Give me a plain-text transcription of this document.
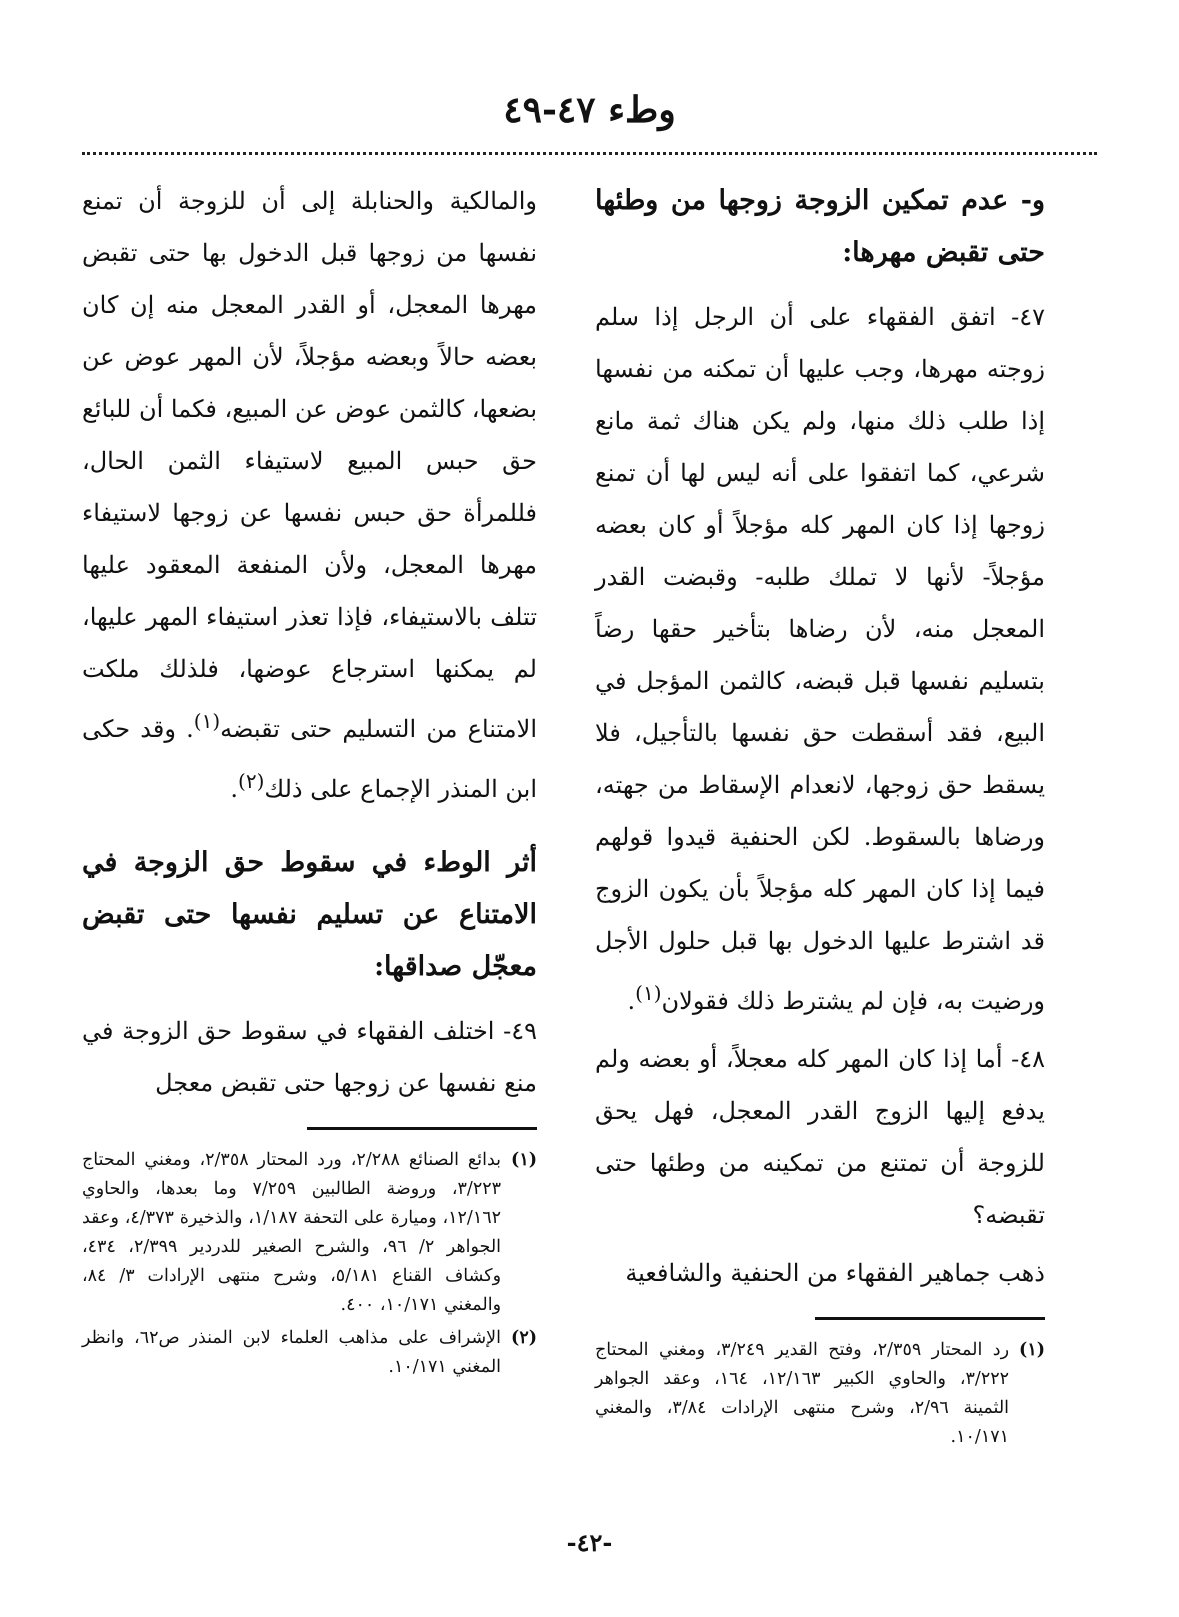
وطء ٤٧-٤٩

و- عدم تمكين الزوجة زوجها من وطئها حتى تقبض مهرها:

٤٧- اتفق الفقهاء على أن الرجل إذا سلم زوجته مهرها، وجب عليها أن تمكنه من نفسها إذا طلب ذلك منها، ولم يكن هناك ثمة مانع شرعي، كما اتفقوا على أنه ليس لها أن تمنع زوجها إذا كان المهر كله مؤجلاً أو كان بعضه مؤجلاً- لأنها لا تملك طلبه- وقبضت القدر المعجل منه، لأن رضاها بتأخير حقها رضاً بتسليم نفسها قبل قبضه، كالثمن المؤجل في البيع، فقد أسقطت حق نفسها بالتأجيل، فلا يسقط حق زوجها، لانعدام الإسقاط من جهته، ورضاها بالسقوط. لكن الحنفية قيدوا قولهم فيما إذا كان المهر كله مؤجلاً بأن يكون الزوج قد اشترط عليها الدخول بها قبل حلول الأجل ورضيت به، فإن لم يشترط ذلك فقولان$^{(١)}$.

٤٨- أما إذا كان المهر كله معجلاً، أو بعضه ولم يدفع إليها الزوج القدر المعجل، فهل يحق للزوجة أن تمتنع من تمكينه من وطئها حتى تقبضه؟

ذهب جماهير الفقهاء من الحنفية والشافعية

(١)
رد المحتار ٢/٣٥٩، وفتح القدير ٣/٢٤٩، ومغني المحتاج ٣/٢٢٢، والحاوي الكبير ١٢/١٦٣، ١٦٤، وعقد الجواهر الثمينة ٢/٩٦، وشرح منتهى الإرادات ٣/٨٤، والمغني ١٠/١٧١.

والمالكية والحنابلة إلى أن للزوجة أن تمنع نفسها من زوجها قبل الدخول بها حتى تقبض مهرها المعجل، أو القدر المعجل منه إن كان بعضه حالاً وبعضه مؤجلاً، لأن المهر عوض عن بضعها، كالثمن عوض عن المبيع، فكما أن للبائع حق حبس المبيع لاستيفاء الثمن الحال، فللمرأة حق حبس نفسها عن زوجها لاستيفاء مهرها المعجل، ولأن المنفعة المعقود عليها تتلف بالاستيفاء، فإذا تعذر استيفاء المهر عليها، لم يمكنها استرجاع عوضها، فلذلك ملكت الامتناع من التسليم حتى تقبضه$^{(١)}$. وقد حكى ابن المنذر الإجماع على ذلك$^{(٢)}$.

أثر الوطء في سقوط حق الزوجة في الامتناع عن تسليم نفسها حتى تقبض معجّل صداقها:

٤٩- اختلف الفقهاء في سقوط حق الزوجة في منع نفسها عن زوجها حتى تقبض معجل

(١)
بدائع الصنائع ٢/٢٨٨، ورد المحتار ٢/٣٥٨، ومغني المحتاج ٣/٢٢٣، وروضة الطالبين ٧/٢٥٩ وما بعدها، والحاوي ١٢/١٦٢، وميارة على التحفة ١/١٨٧، والذخيرة ٤/٣٧٣، وعقد الجواهر ٢/ ٩٦، والشرح الصغير للدردير ٢/٣٩٩، ٤٣٤، وكشاف القناع ٥/١٨١، وشرح منتهى الإرادات ٣/ ٨٤، والمغني ١٠/١٧١، ٤٠٠.
(٢)
الإشراف على مذاهب العلماء لابن المنذر ص٦٢، وانظر المغني ١٠/١٧١.
-٤٢-
